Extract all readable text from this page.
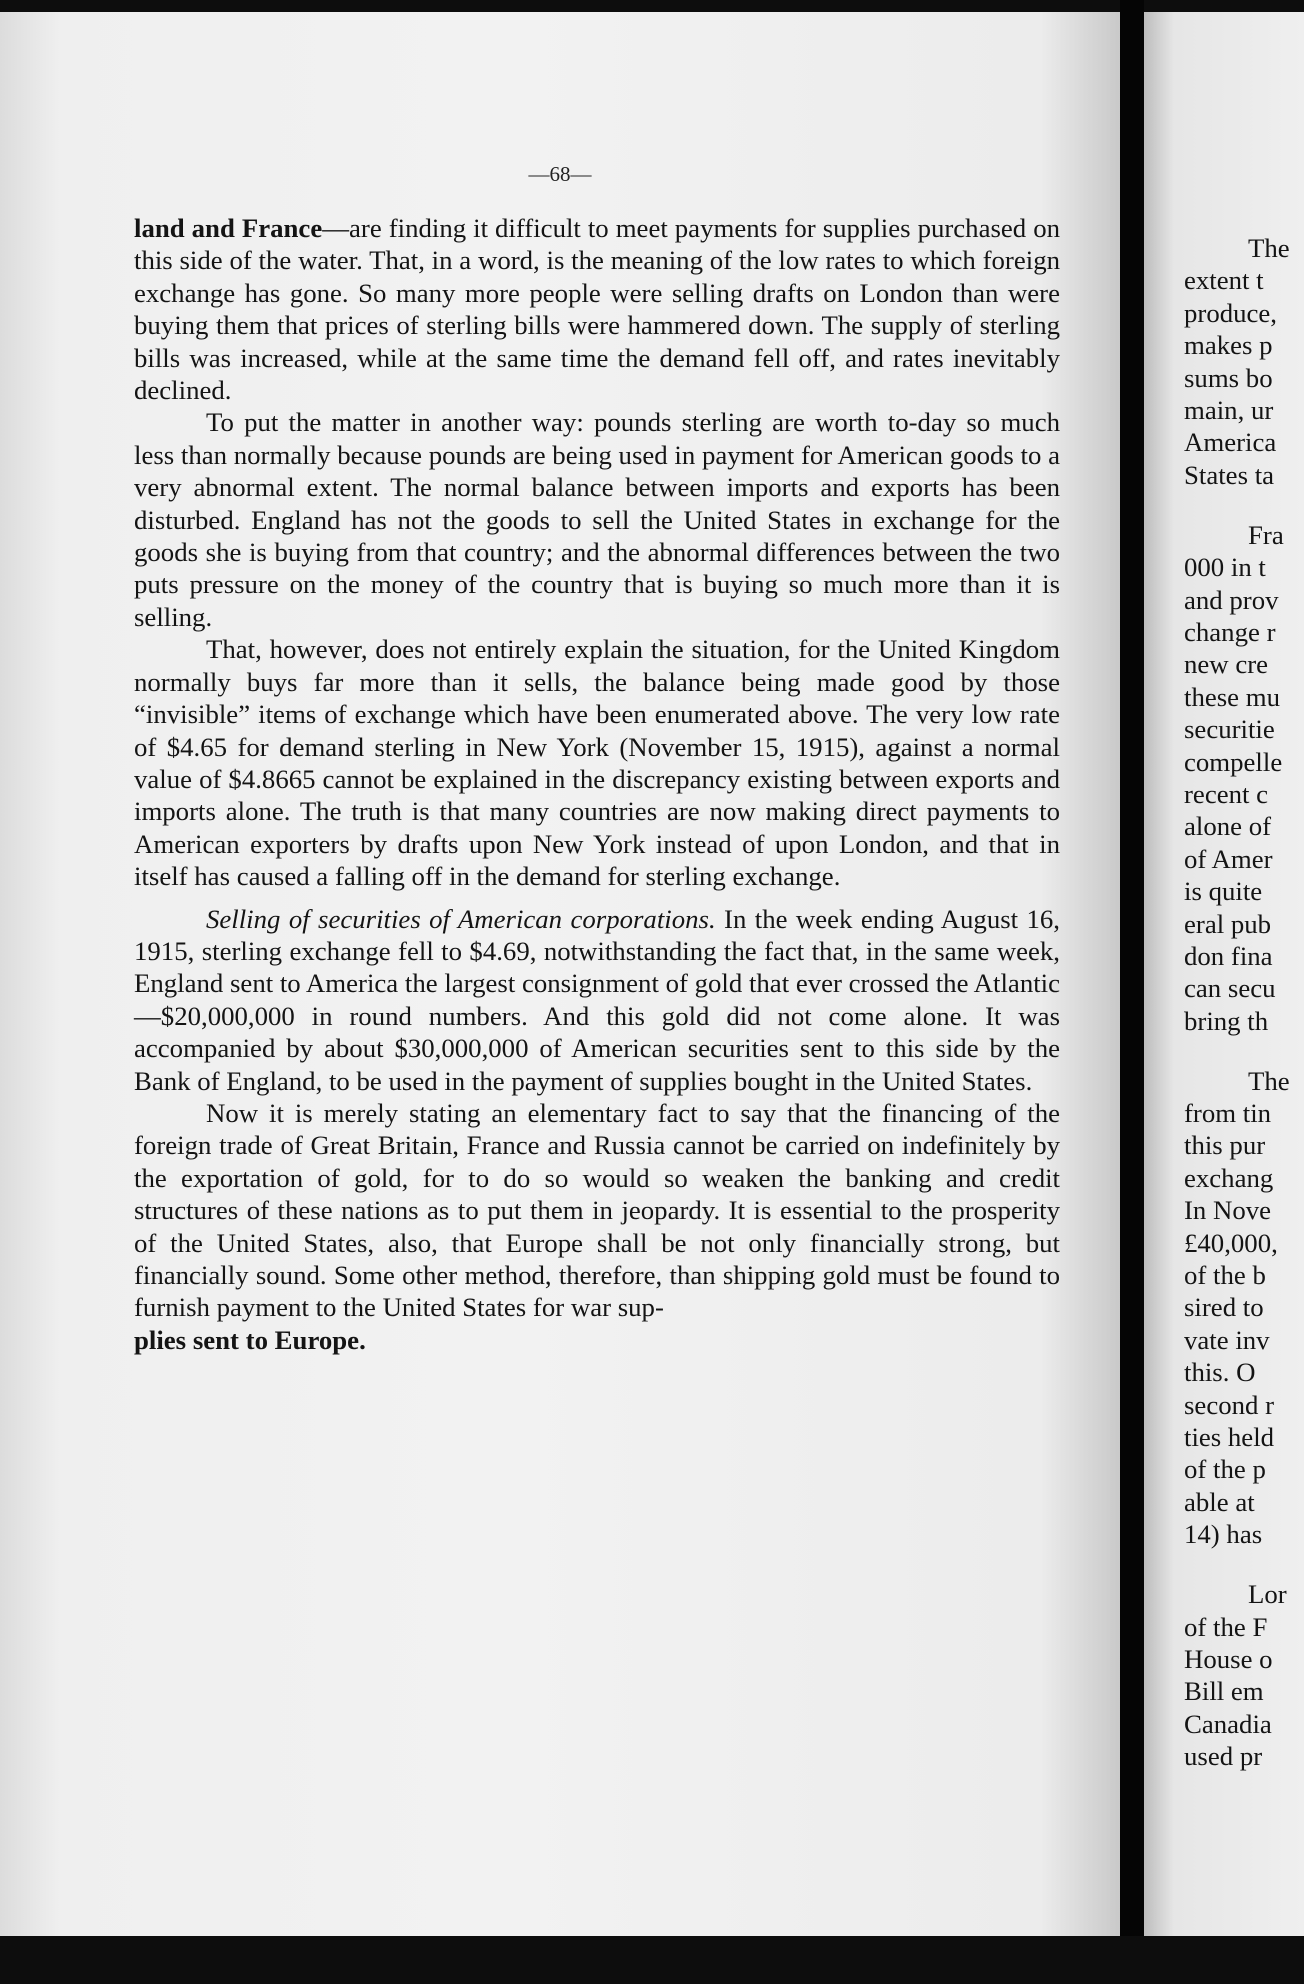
—68—

land and France—are finding it difficult to meet payments for supplies purchased on this side of the water. That, in a word, is the meaning of the low rates to which foreign exchange has gone. So many more people were selling drafts on London than were buying them that prices of sterling bills were hammered down. The supply of sterling bills was increased, while at the same time the demand fell off, and rates inevitably declined.

To put the matter in another way: pounds sterling are worth to-day so much less than normally because pounds are being used in payment for American goods to a very abnormal extent. The normal balance between imports and exports has been disturbed. England has not the goods to sell the United States in exchange for the goods she is buying from that country; and the abnormal differences between the two puts pressure on the money of the country that is buying so much more than it is selling.

That, however, does not entirely explain the situation, for the United Kingdom normally buys far more than it sells, the balance being made good by those “invisible” items of exchange which have been enumerated above. The very low rate of $4.65 for demand sterling in New York (November 15, 1915), against a normal value of $4.8665 cannot be explained in the discrepancy existing between exports and imports alone. The truth is that many countries are now making direct payments to American exporters by drafts upon New York instead of upon London, and that in itself has caused a falling off in the demand for sterling exchange.

Selling of securities of American corporations. In the week ending August 16, 1915, sterling exchange fell to $4.69, notwithstanding the fact that, in the same week, England sent to America the largest consignment of gold that ever crossed the Atlantic—$20,000,000 in round numbers. And this gold did not come alone. It was accompanied by about $30,000,000 of American securities sent to this side by the Bank of England, to be used in the payment of supplies bought in the United States.

Now it is merely stating an elementary fact to say that the financing of the foreign trade of Great Britain, France and Russia cannot be carried on indefinitely by the exportation of gold, for to do so would so weaken the banking and credit structures of these nations as to put them in jeopardy. It is essential to the prosperity of the United States, also, that Europe shall be not only financially strong, but financially sound. Some other method, therefore, than shipping gold must be found to furnish payment to the United States for war sup-
plies sent to Europe.

The
extent t
produce,
makes p
sums bo
main, ur
America
States ta
Fra
000 in t
and prov
change r
new cre
these mu
securitie
compelle
recent c
alone of
of Amer
is quite
eral pub
don fina
can secu
bring th
The
from tin
this pur
exchang
In Nove
£40,000,
of the b
sired to
vate inv
this. O
second r
ties held
of the p
able at
14) has
Lor
of the F
House o
Bill em
Canadia
used pr
